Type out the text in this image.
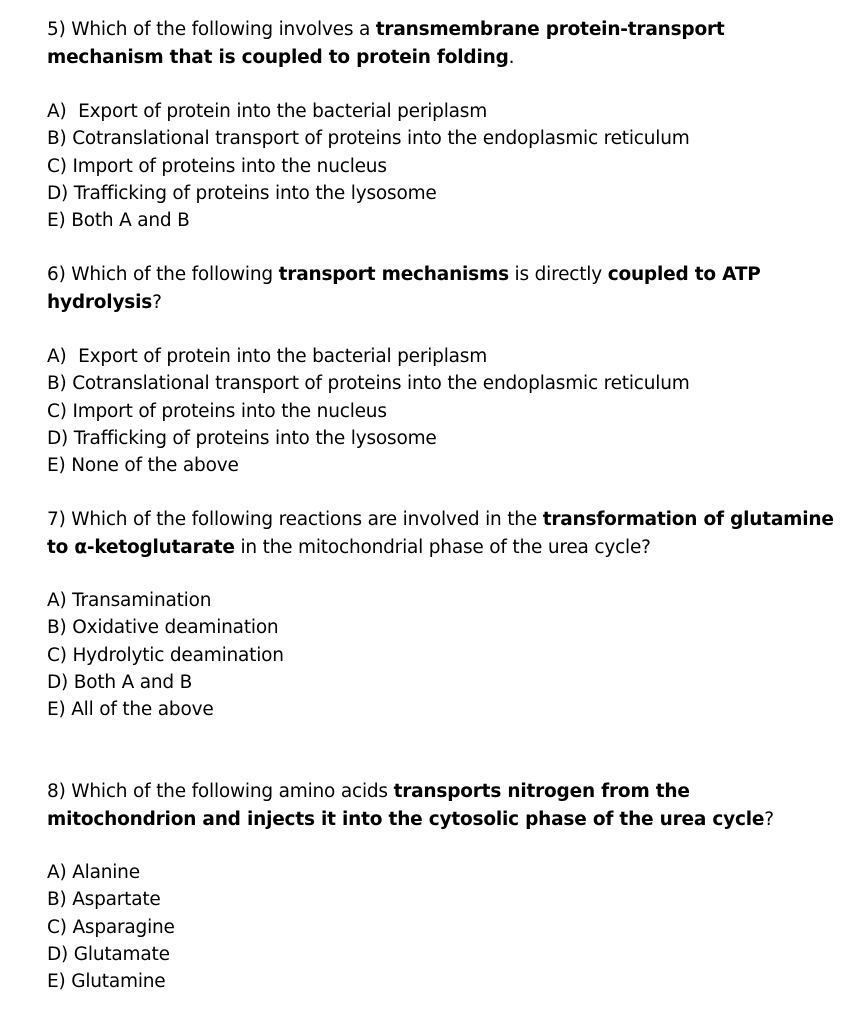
5) Which of the following involves a transmembrane protein-transport mechanism that is coupled to protein folding.

A) Export of protein into the bacterial periplasm
B) Cotranslational transport of proteins into the endoplasmic reticulum
C) Import of proteins into the nucleus
D) Trafficking of proteins into the lysosome
E) Both A and B

6) Which of the following transport mechanisms is directly coupled to ATP hydrolysis?

A) Export of protein into the bacterial periplasm
B) Cotranslational transport of proteins into the endoplasmic reticulum
C) Import of proteins into the nucleus
D) Trafficking of proteins into the lysosome
E) None of the above

7) Which of the following reactions are involved in the transformation of glutamine to α-ketoglutarate in the mitochondrial phase of the urea cycle?

A) Transamination
B) Oxidative deamination
C) Hydrolytic deamination
D) Both A and B
E) All of the above

8) Which of the following amino acids transports nitrogen from the mitochondrion and injects it into the cytosolic phase of the urea cycle?

A) Alanine
B) Aspartate
C) Asparagine
D) Glutamate
E) Glutamine
